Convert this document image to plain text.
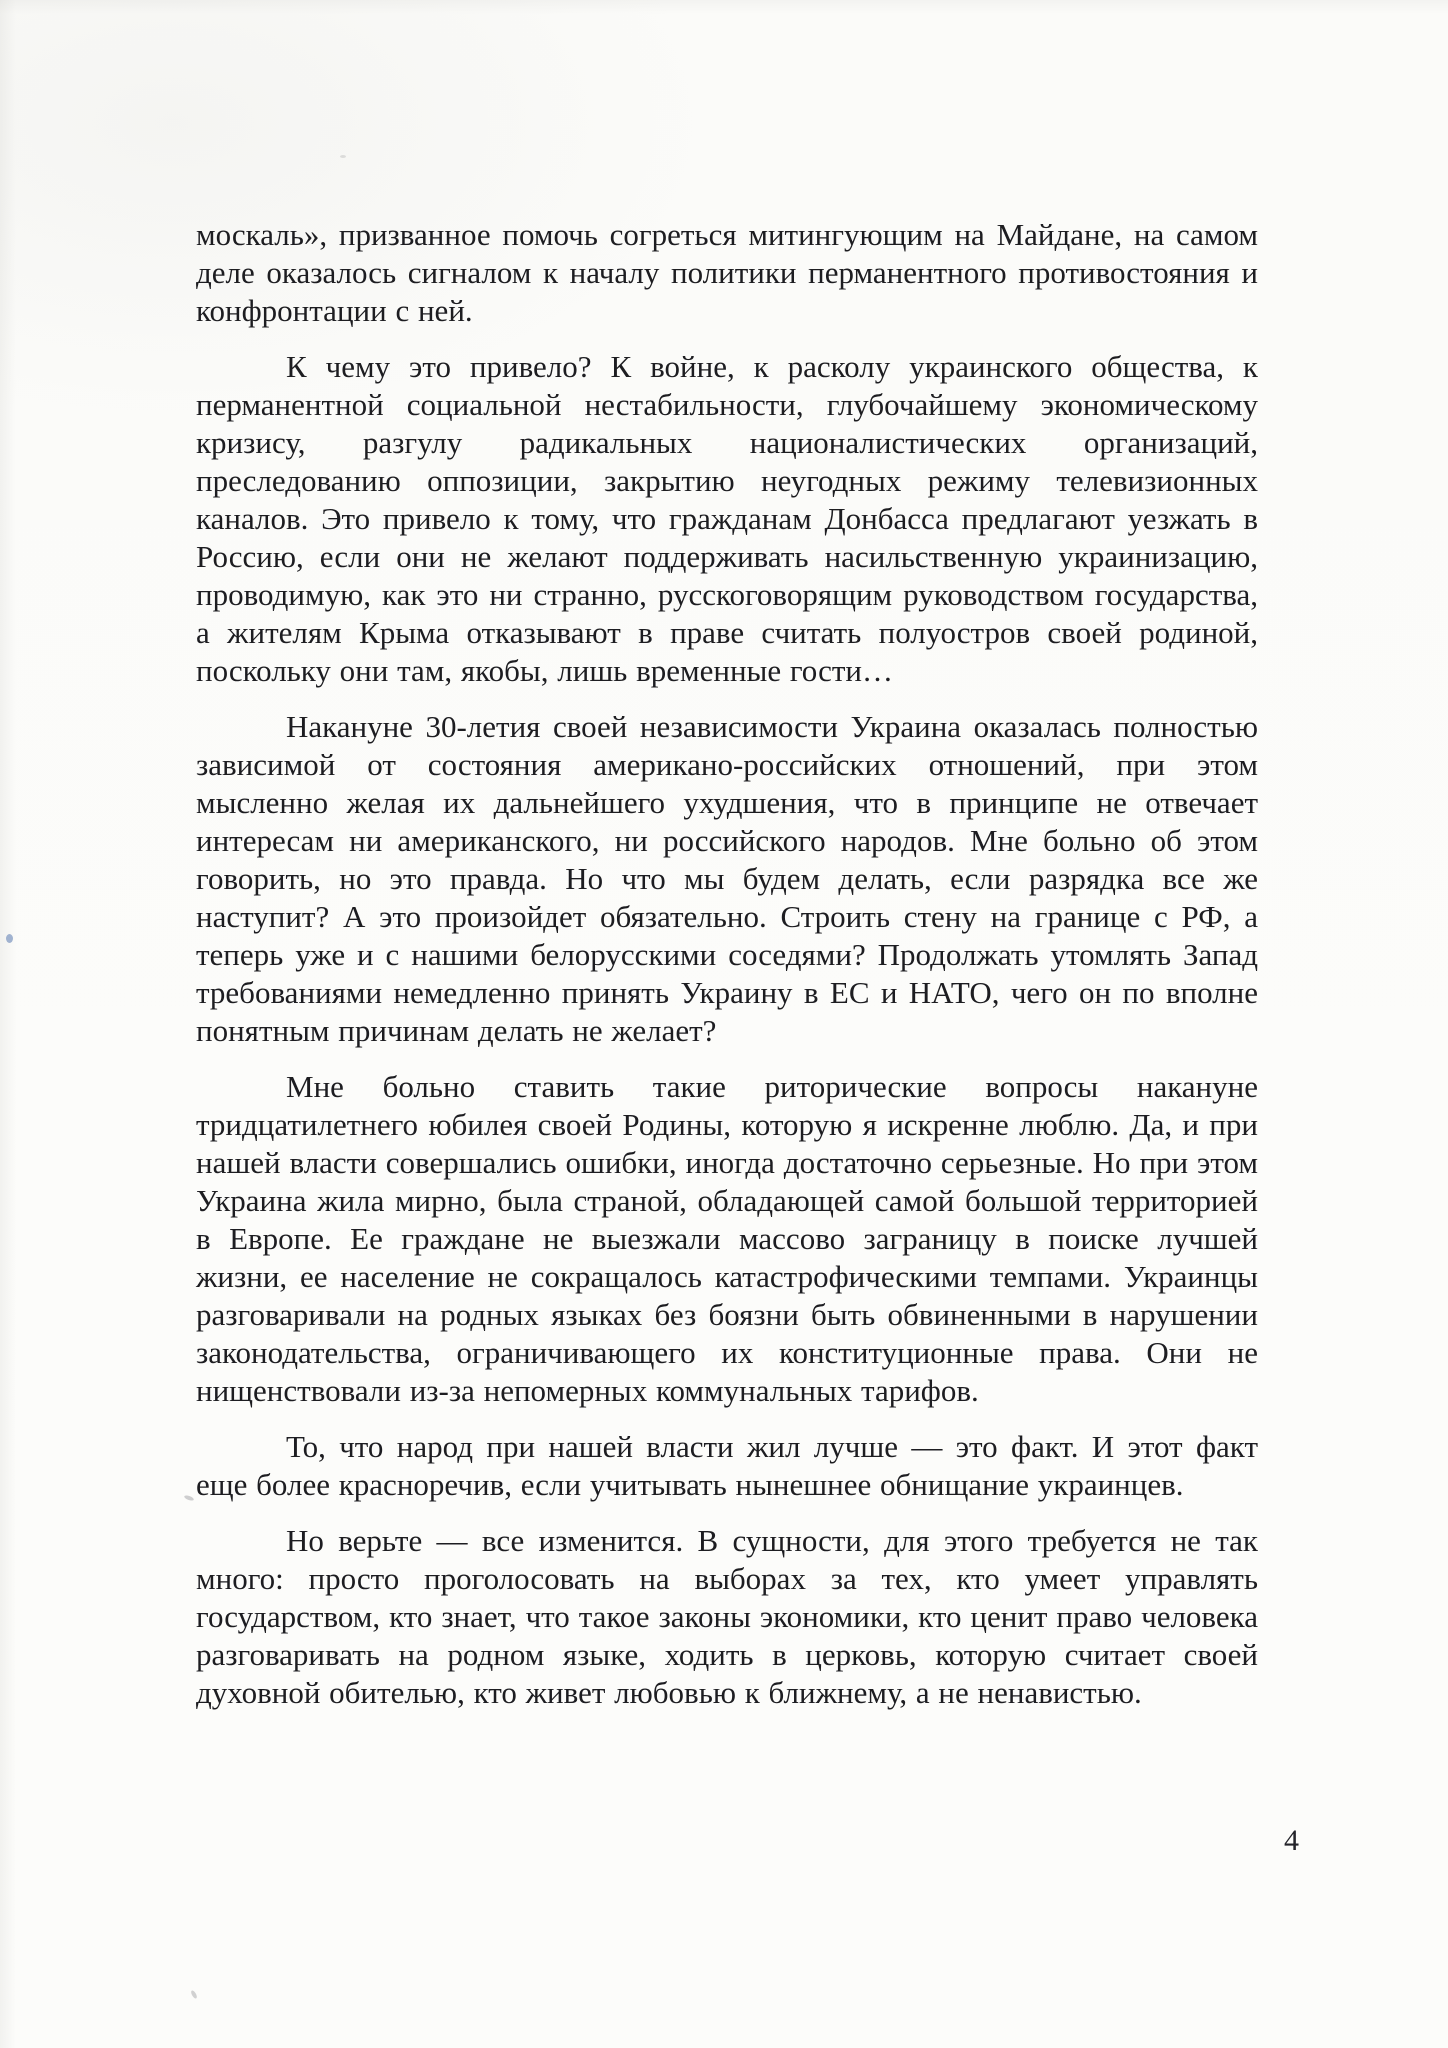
москаль», призванное помочь согреться митингующим на Майдане, на самом деле оказалось сигналом к началу политики перманентного противостояния и конфронтации с ней.

К чему это привело? К войне, к расколу украинского общества, к перманентной социальной нестабильности, глубочайшему экономическому кризису, разгулу радикальных националистических организаций, преследованию оппозиции, закрытию неугодных режиму телевизионных каналов. Это привело к тому, что гражданам Донбасса предлагают уезжать в Россию, если они не желают поддерживать насильственную украинизацию, проводимую, как это ни странно, русскоговорящим руководством государства, а жителям Крыма отказывают в праве считать полуостров своей родиной, поскольку они там, якобы, лишь временные гости…

Накануне 30-летия своей независимости Украина оказалась полностью зависимой от состояния американо-российских отношений, при этом мысленно желая их дальнейшего ухудшения, что в принципе не отвечает интересам ни американского, ни российского народов. Мне больно об этом говорить, но это правда. Но что мы будем делать, если разрядка все же наступит? А это произойдет обязательно. Строить стену на границе с РФ, а теперь уже и с нашими белорусскими соседями? Продолжать утомлять Запад требованиями немедленно принять Украину в ЕС и НАТО, чего он по вполне понятным причинам делать не желает?

Мне больно ставить такие риторические вопросы накануне тридцатилетнего юбилея своей Родины, которую я искренне люблю. Да, и при нашей власти совершались ошибки, иногда достаточно серьезные. Но при этом Украина жила мирно, была страной, обладающей самой большой территорией в Европе. Ее граждане не выезжали массово заграницу в поиске лучшей жизни, ее население не сокращалось катастрофическими темпами. Украинцы разговаривали на родных языках без боязни быть обвиненными в нарушении законодательства, ограничивающего их конституционные права. Они не нищенствовали из-за непомерных коммунальных тарифов.

То, что народ при нашей власти жил лучше — это факт. И этот факт еще более красноречив, если учитывать нынешнее обнищание украинцев.

Но верьте — все изменится. В сущности, для этого требуется не так много: просто проголосовать на выборах за тех, кто умеет управлять государством, кто знает, что такое законы экономики, кто ценит право человека разговаривать на родном языке, ходить в церковь, которую считает своей духовной обителью, кто живет любовью к ближнему, а не ненавистью.

4
